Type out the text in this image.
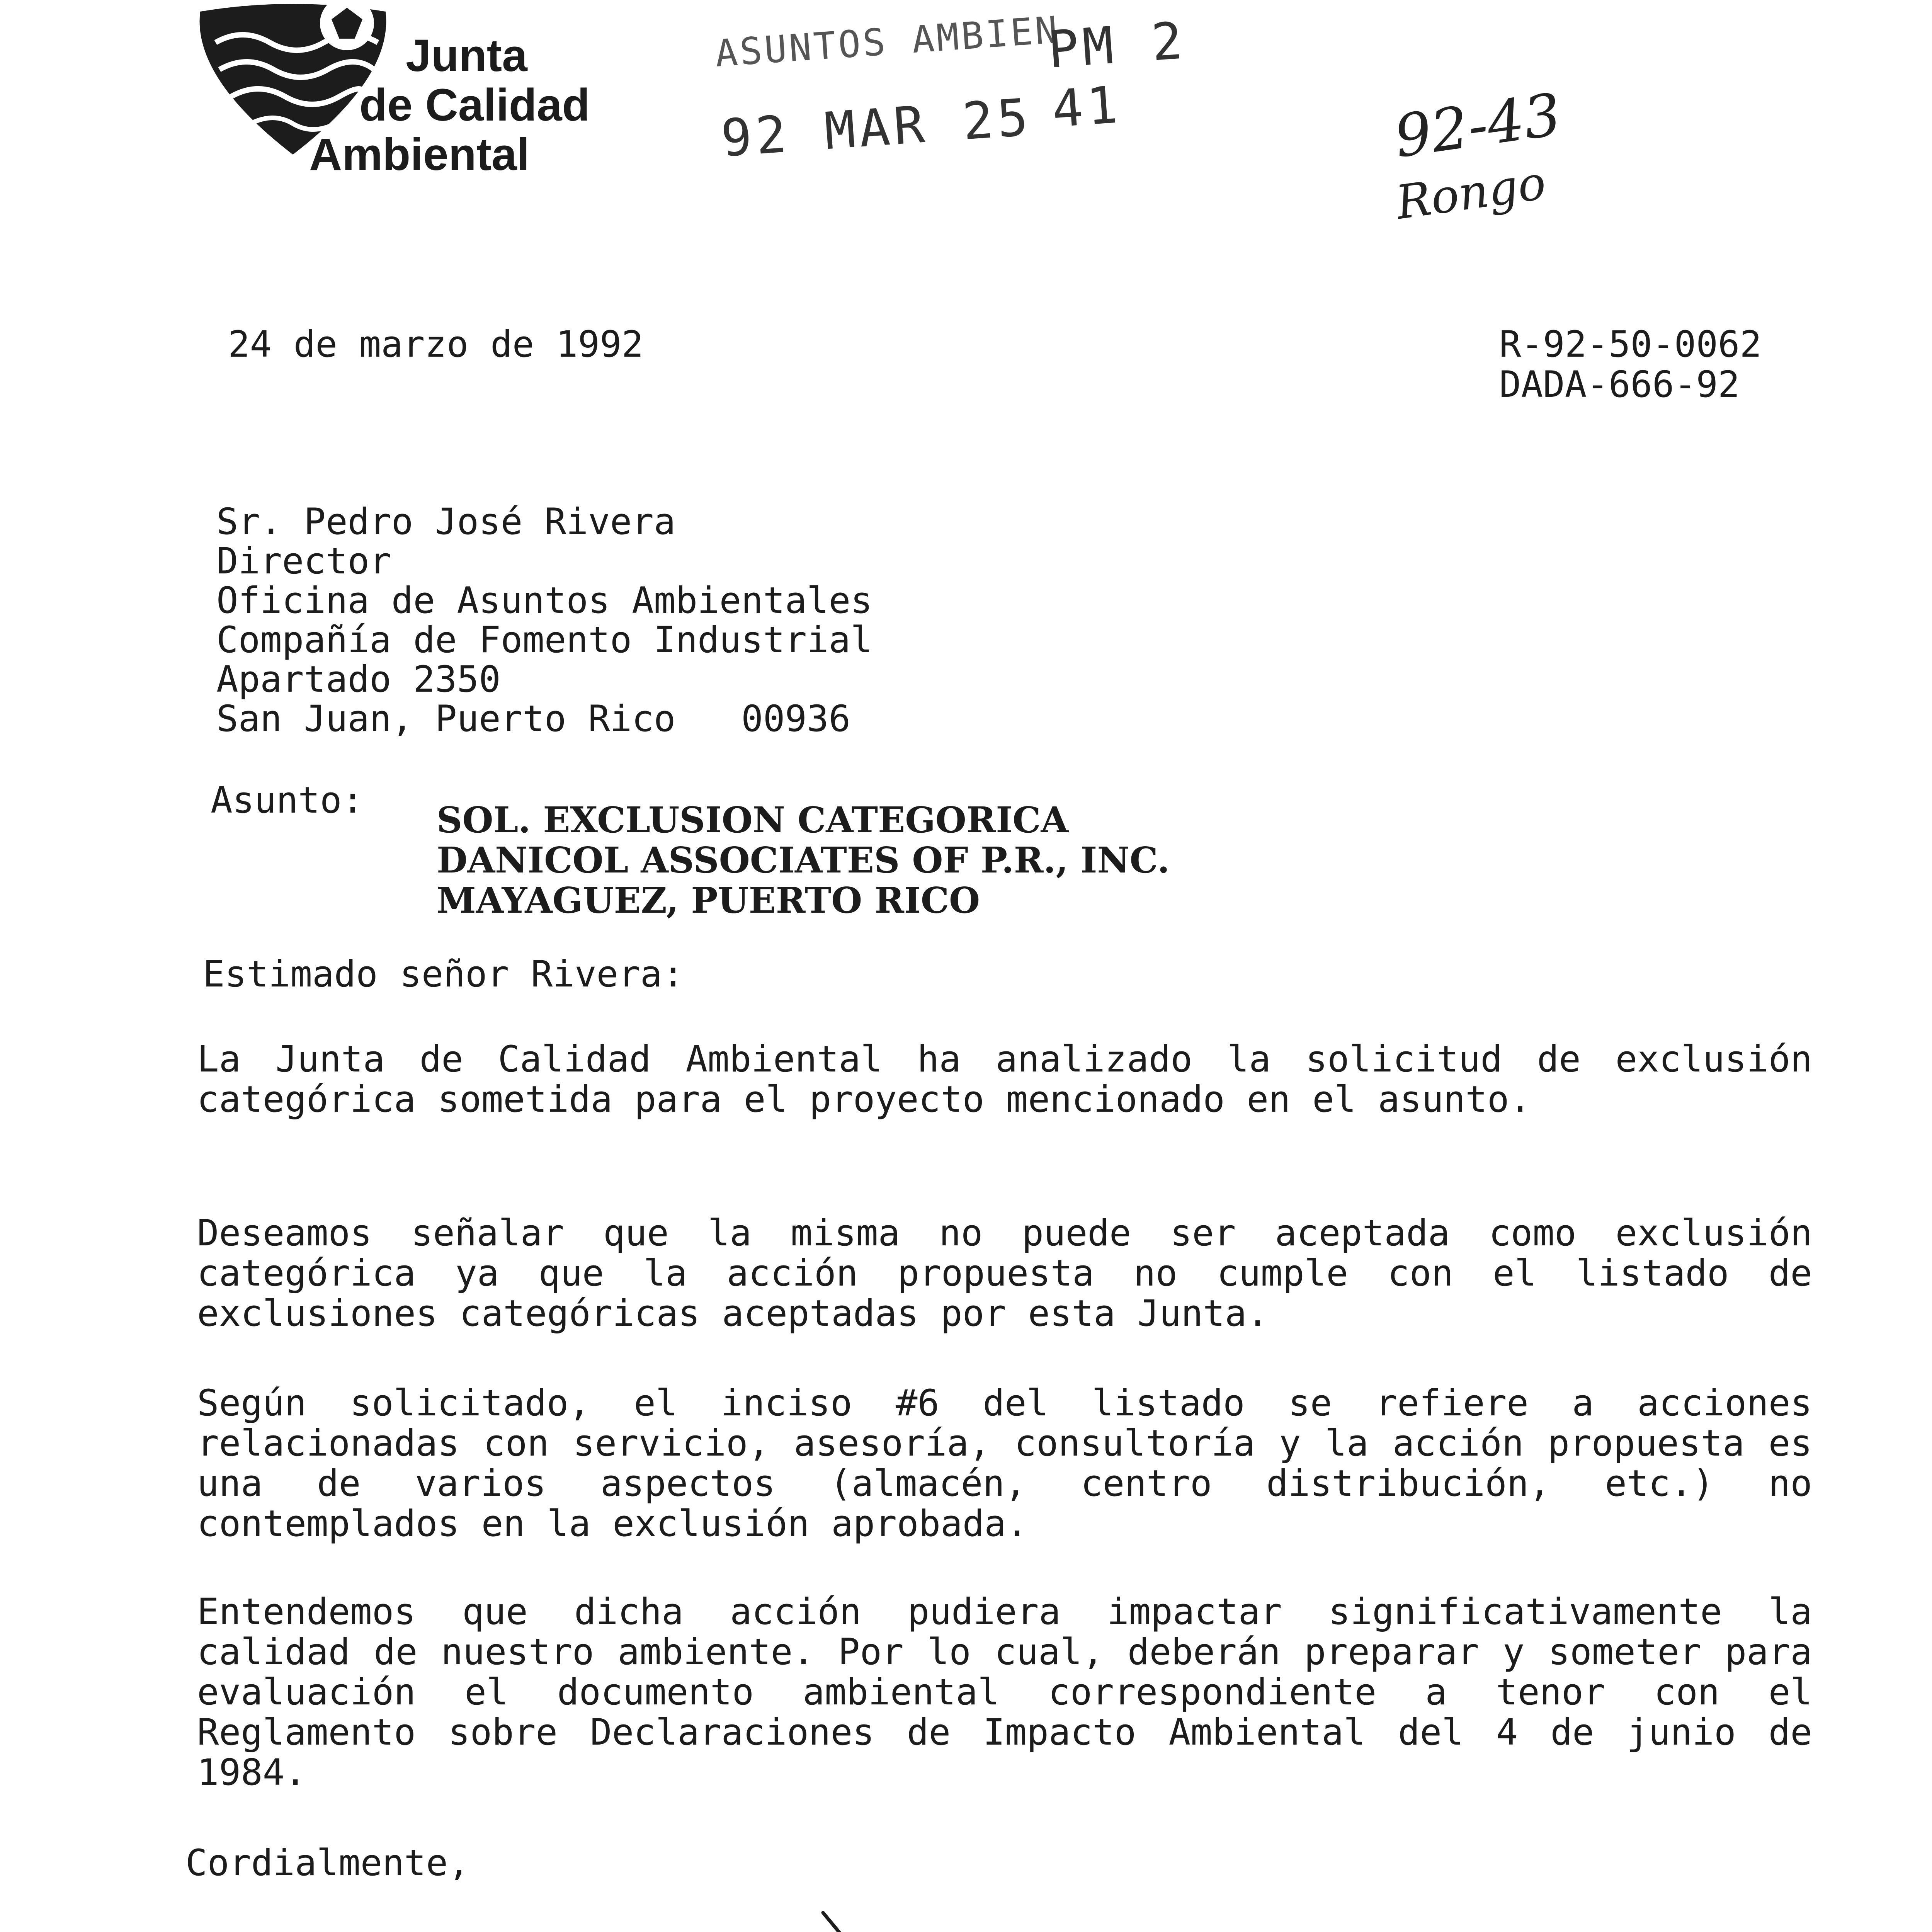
Junta
de Calidad
Ambiental
ASUNTOS AMBIEN
92 MAR 25
PM 2 41	92-43
Rongo
24 de marzo de 1992	R-92-50-0062
DADA-666-92
Sr. Pedro José Rivera
Director
Oficina de Asuntos Ambientales
Compañía de Fomento Industrial
Apartado 2350
San Juan, Puerto Rico   00936
Asunto: SOL. EXCLUSION CATEGORICA
DANICOL ASSOCIATES OF P.R., INC.
MAYAGUEZ, PUERTO RICO
Estimado señor Rivera:
La Junta de Calidad Ambiental ha analizado la solicitud de exclusión categórica sometida para el proyecto mencionado en el asunto.
Deseamos señalar que la misma no puede ser aceptada como exclusión categórica ya que la acción propuesta no cumple con el listado de exclusiones categóricas aceptadas por esta Junta.
Según solicitado, el inciso #6 del listado se refiere a acciones relacionadas con servicio, asesoría, consultoría y la acción propuesta es una de varios aspectos (almacén, centro distribución, etc.) no contemplados en la exclusión aprobada.
Entendemos que dicha acción pudiera impactar significativamente la calidad de nuestro ambiente. Por lo cual, deberán preparar y someter para evaluación el documento ambiental correspondiente a tenor con el Reglamento sobre Declaraciones de Impacto Ambiental del 4 de junio de 1984.
Cordialmente,
